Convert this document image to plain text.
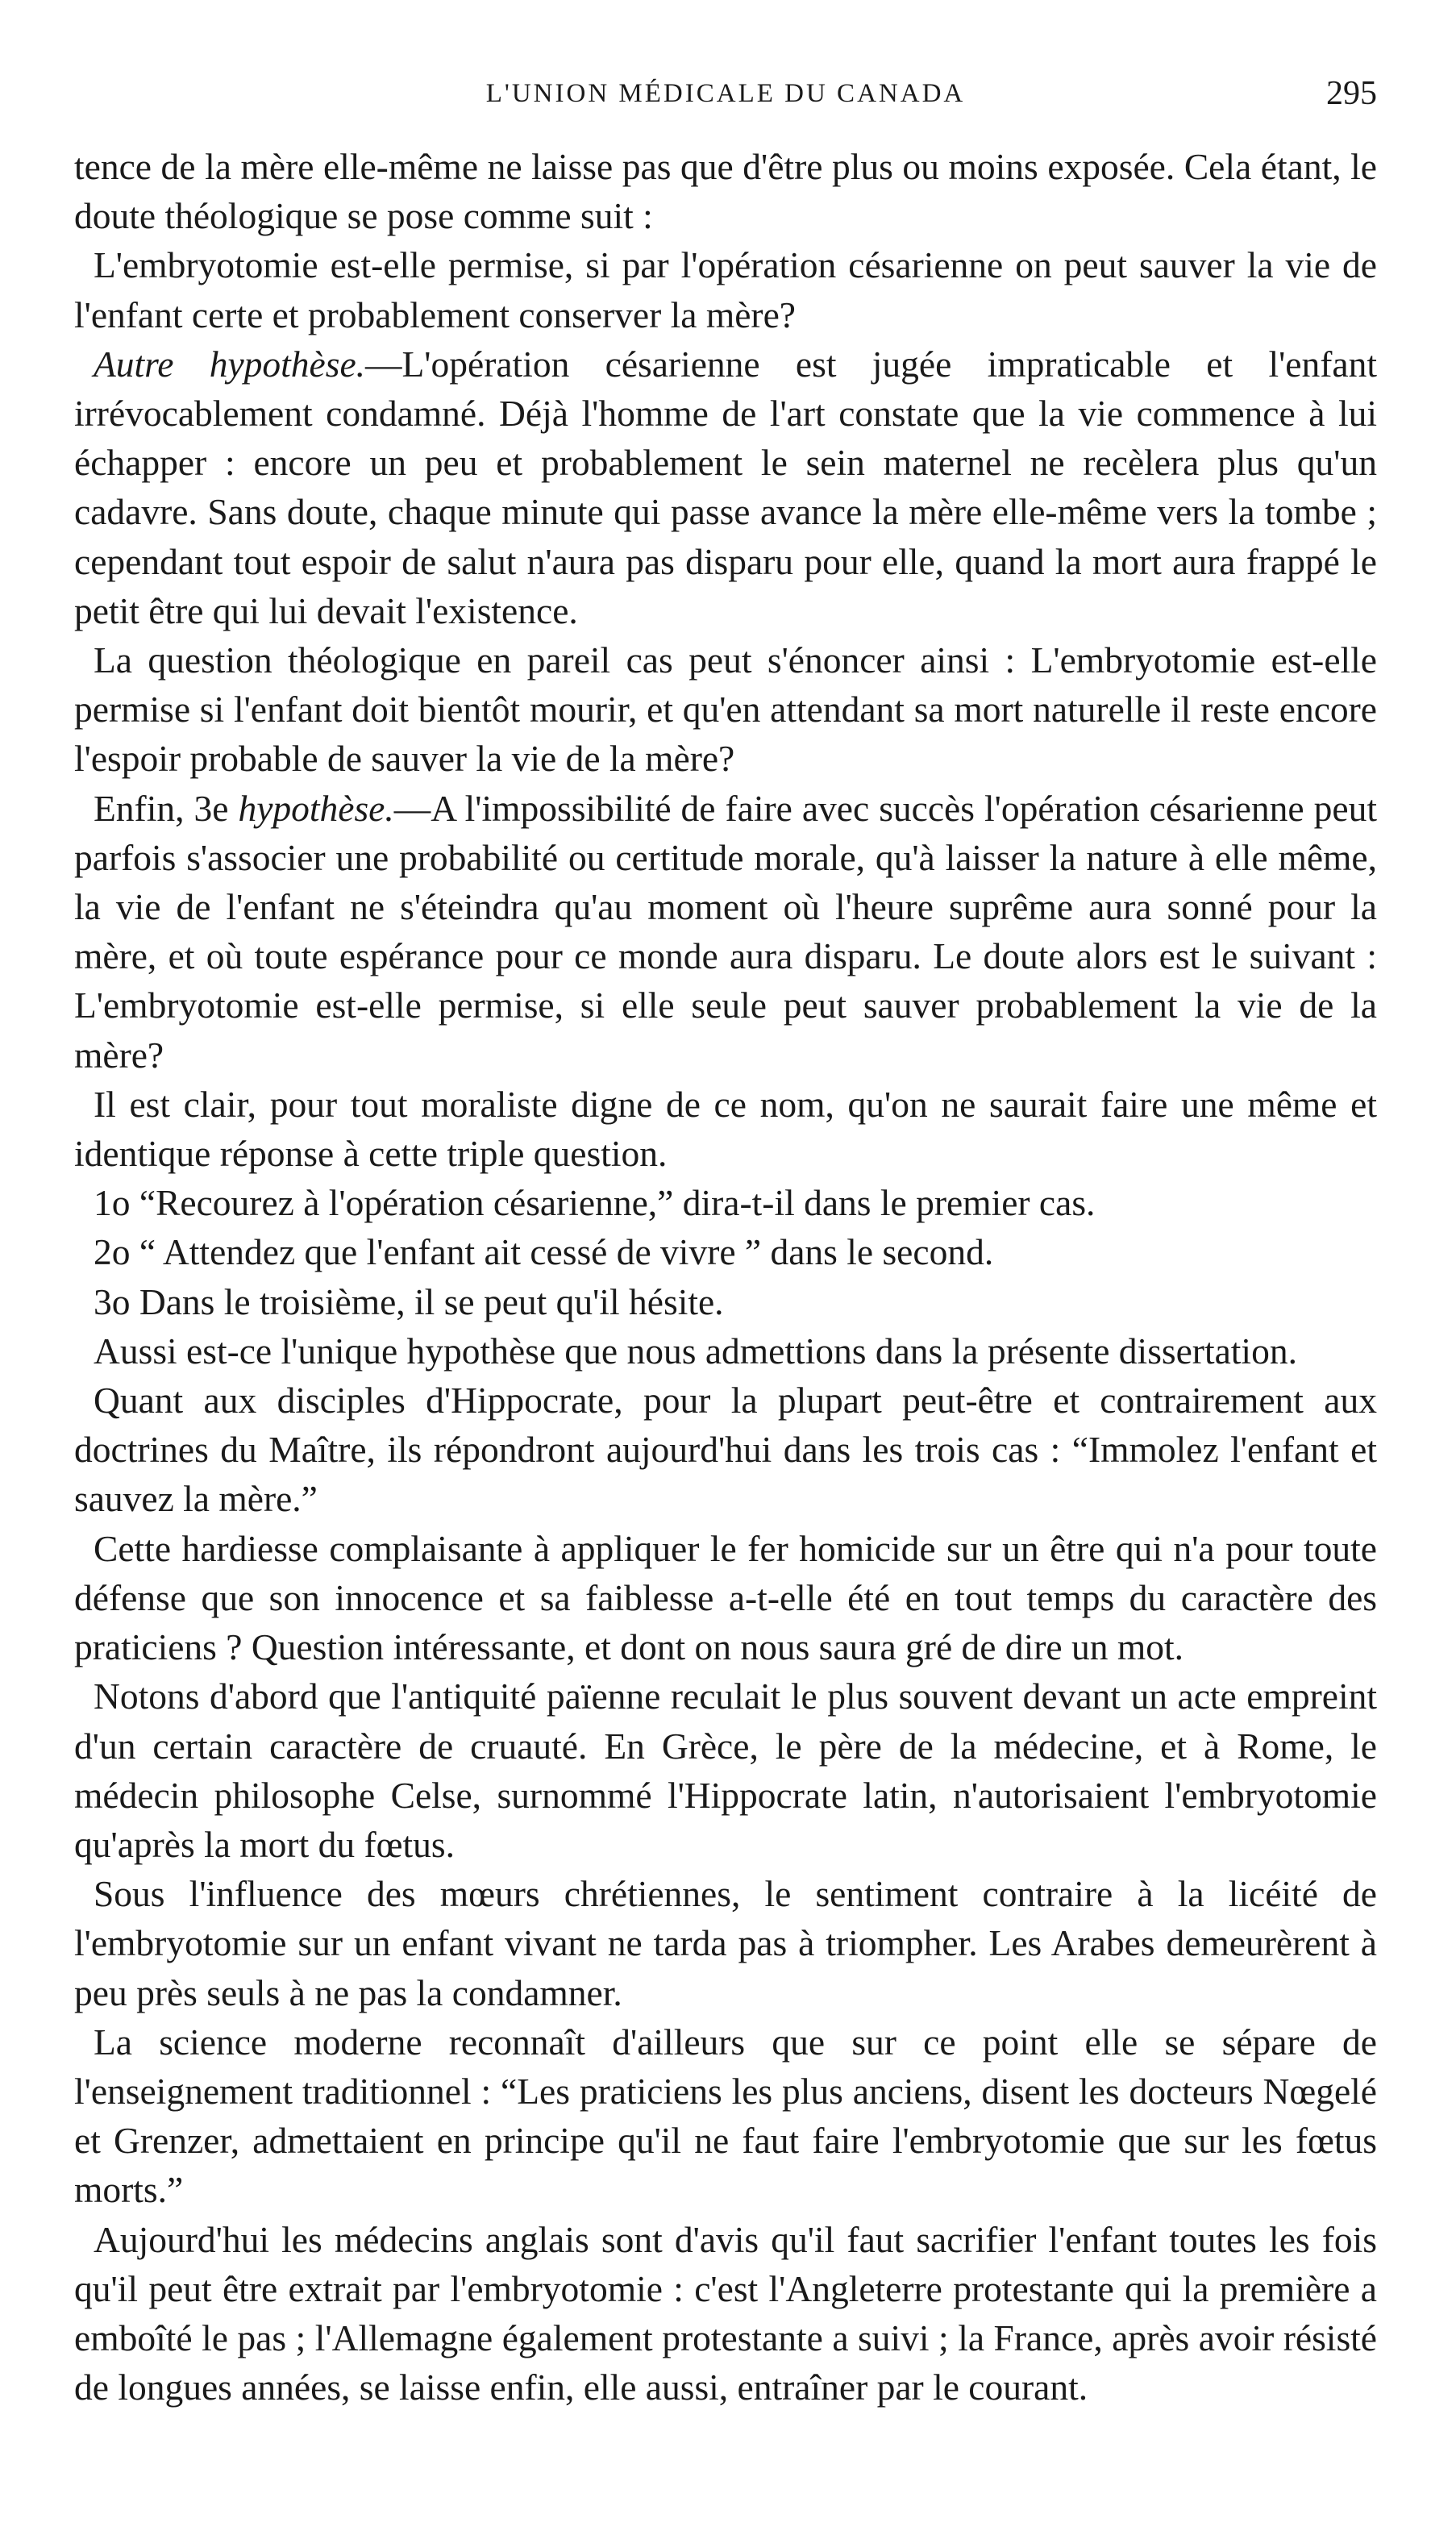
L'UNION MÉDICALE DU CANADA	295

tence de la mère elle-même ne laisse pas que d'être plus ou moins exposée. Cela étant, le doute théologique se pose comme suit :

L'embryotomie est-elle permise, si par l'opération césarienne on peut sauver la vie de l'enfant certe et probablement conserver la mère?

Autre hypothèse.—L'opération césarienne est jugée impraticable et l'enfant irrévocablement condamné. Déjà l'homme de l'art constate que la vie commence à lui échapper : encore un peu et probablement le sein maternel ne recèlera plus qu'un cadavre. Sans doute, chaque minute qui passe avance la mère elle-même vers la tombe ; cependant tout espoir de salut n'aura pas disparu pour elle, quand la mort aura frappé le petit être qui lui devait l'existence.

La question théologique en pareil cas peut s'énoncer ainsi : L'embryotomie est-elle permise si l'enfant doit bientôt mourir, et qu'en attendant sa mort naturelle il reste encore l'espoir probable de sauver la vie de la mère?

Enfin, 3e hypothèse.—A l'impossibilité de faire avec succès l'opération césarienne peut parfois s'associer une probabilité ou certitude morale, qu'à laisser la nature à elle même, la vie de l'enfant ne s'éteindra qu'au moment où l'heure suprême aura sonné pour la mère, et où toute espérance pour ce monde aura disparu. Le doute alors est le suivant : L'embryotomie est-elle permise, si elle seule peut sauver probablement la vie de la mère?

Il est clair, pour tout moraliste digne de ce nom, qu'on ne saurait faire une même et identique réponse à cette triple question.

1o “Recourez à l'opération césarienne,” dira-t-il dans le premier cas.

2o “ Attendez que l'enfant ait cessé de vivre ” dans le second.

3o Dans le troisième, il se peut qu'il hésite.

Aussi est-ce l'unique hypothèse que nous admettions dans la présente dissertation.

Quant aux disciples d'Hippocrate, pour la plupart peut-être et contrairement aux doctrines du Maître, ils répondront aujourd'hui dans les trois cas : “Immolez l'enfant et sauvez la mère.”

Cette hardiesse complaisante à appliquer le fer homicide sur un être qui n'a pour toute défense que son innocence et sa faiblesse a-t-elle été en tout temps du caractère des praticiens ? Question intéressante, et dont on nous saura gré de dire un mot.

Notons d'abord que l'antiquité païenne reculait le plus souvent devant un acte empreint d'un certain caractère de cruauté. En Grèce, le père de la médecine, et à Rome, le médecin philosophe Celse, surnommé l'Hippocrate latin, n'autorisaient l'embryotomie qu'après la mort du fœtus.

Sous l'influence des mœurs chrétiennes, le sentiment contraire à la licéité de l'embryotomie sur un enfant vivant ne tarda pas à triompher. Les Arabes demeurèrent à peu près seuls à ne pas la condamner.

La science moderne reconnaît d'ailleurs que sur ce point elle se sépare de l'enseignement traditionnel : “Les praticiens les plus anciens, disent les docteurs Nœgelé et Grenzer, admettaient en principe qu'il ne faut faire l'embryotomie que sur les fœtus morts.”

Aujourd'hui les médecins anglais sont d'avis qu'il faut sacrifier l'enfant toutes les fois qu'il peut être extrait par l'embryotomie : c'est l'Angleterre protestante qui la première a emboîté le pas ; l'Allemagne également protestante a suivi ; la France, après avoir résisté de longues années, se laisse enfin, elle aussi, entraîner par le courant.
